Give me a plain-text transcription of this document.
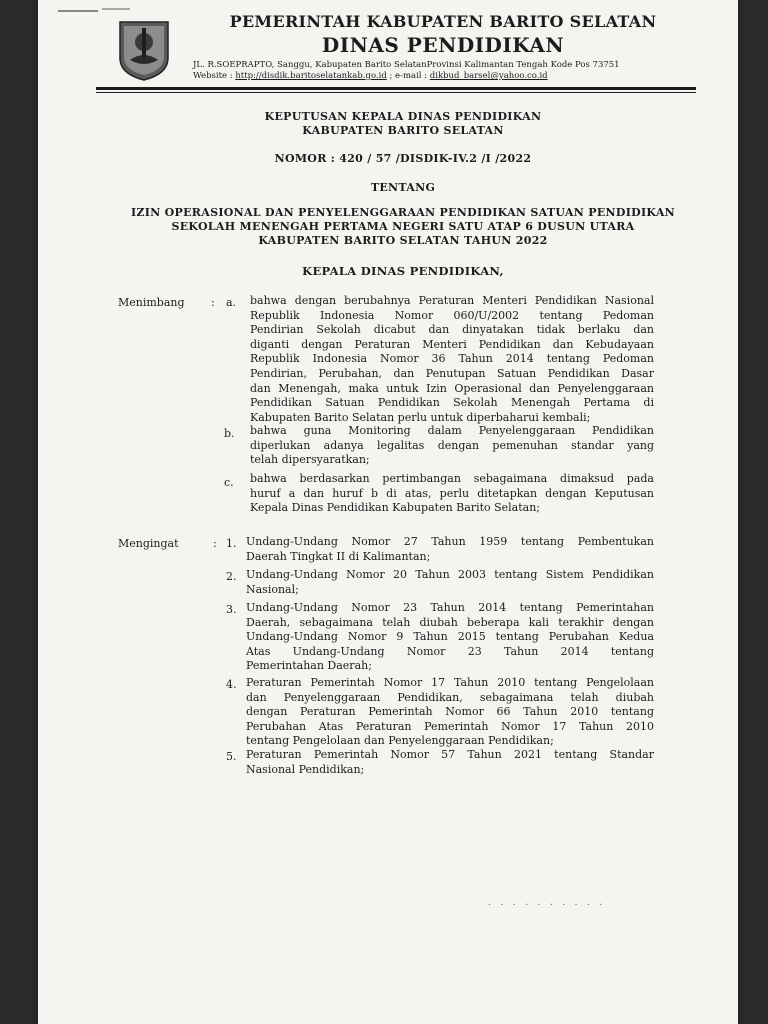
PEMERINTAH KABUPATEN BARITO SELATAN
DINAS PENDIDIKAN
JL. R.SOEPRAPTO, Sanggu, Kabupaten Barito SelatanProvinsi Kalimantan Tengah Kode Pos 73751
Website : http://disdik.baritoselatankab.go.id ; e-mail : dikbud_barsel@yahoo.co.id
KEPUTUSAN KEPALA DINAS PENDIDIKAN
KABUPATEN BARITO SELATAN
NOMOR : 420 / 57 /DISDIK-IV.2 /I /2022
TENTANG
IZIN OPERASIONAL DAN PENYELENGGARAAN PENDIDIKAN SATUAN PENDIDIKAN
SEKOLAH MENENGAH PERTAMA NEGERI SATU ATAP 6 DUSUN UTARA
KABUPATEN BARITO SELATAN TAHUN 2022
KEPALA DINAS PENDIDIKAN,
Menimbang : a. bahwa dengan berubahnya Peraturan Menteri Pendidikan Nasional
Republik Indonesia Nomor 060/U/2002 tentang Pedoman
Pendirian Sekolah dicabut dan dinyatakan tidak berlaku dan
diganti dengan Peraturan Menteri Pendidikan dan Kebudayaan
Republik Indonesia Nomor 36 Tahun 2014 tentang Pedoman
Pendirian, Perubahan, dan Penutupan Satuan Pendidikan Dasar
dan Menengah, maka untuk Izin Operasional dan Penyelenggaraan
Pendidikan Satuan Pendidikan Sekolah Menengah Pertama di
Kabupaten Barito Selatan perlu untuk diperbaharui kembali;
b. bahwa guna Monitoring dalam Penyelenggaraan Pendidikan
diperlukan adanya legalitas dengan pemenuhan standar yang
telah dipersyaratkan;
c. bahwa berdasarkan pertimbangan sebagaimana dimaksud pada
huruf a dan huruf b di atas, perlu ditetapkan dengan Keputusan
Kepala Dinas Pendidikan Kabupaten Barito Selatan;
Mengingat	: 1. Undang-Undang Nomor 27 Tahun 1959 tentang Pembentukan
Daerah Tingkat II di Kalimantan;
2. Undang-Undang Nomor 20 Tahun 2003 tentang Sistem Pendidikan
Nasional;
3. Undang-Undang Nomor 23 Tahun 2014 tentang Pemerintahan
Daerah, sebagaimana telah diubah beberapa kali terakhir dengan
Undang-Undang Nomor 9 Tahun 2015 tentang Perubahan Kedua
Atas Undang-Undang Nomor 23 Tahun 2014 tentang
Pemerintahan Daerah;
4. Peraturan Pemerintah Nomor 17 Tahun 2010 tentang Pengelolaan
dan Penyelenggaraan Pendidikan, sebagaimana telah diubah
dengan Peraturan Pemerintah Nomor 66 Tahun 2010 tentang
Perubahan Atas Peraturan Pemerintah Nomor 17 Tahun 2010
tentang Pengelolaan dan Penyelenggaraan Pendidikan;
5. Peraturan Pemerintah Nomor 57 Tahun 2021 tentang Standar
Nasional Pendidikan;
· · · · · · · · · ·
